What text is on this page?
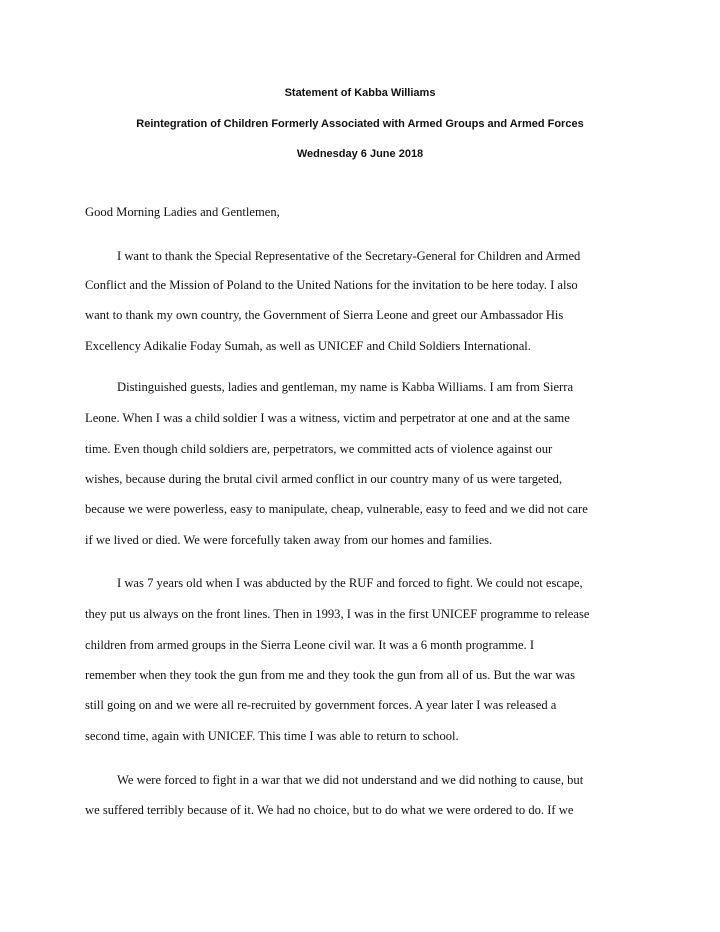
Statement of Kabba Williams
Reintegration of Children Formerly Associated with Armed Groups and Armed Forces
Wednesday 6 June 2018
Good Morning Ladies and Gentlemen,
I want to thank the Special Representative of the Secretary-General for Children and Armed
Conflict and the Mission of Poland to the United Nations for the invitation to be here today. I also
want to thank my own country, the Government of Sierra Leone and greet our Ambassador His
Excellency Adikalie Foday Sumah, as well as UNICEF and Child Soldiers International.
Distinguished guests, ladies and gentleman, my name is Kabba Williams. I am from Sierra
Leone. When I was a child soldier I was a witness, victim and perpetrator at one and at the same
time. Even though child soldiers are, perpetrators, we committed acts of violence against our
wishes, because during the brutal civil armed conflict in our country many of us were targeted,
because we were powerless, easy to manipulate, cheap, vulnerable, easy to feed and we did not care
if we lived or died. We were forcefully taken away from our homes and families.
I was 7 years old when I was abducted by the RUF and forced to fight. We could not escape,
they put us always on the front lines. Then in 1993, I was in the first UNICEF programme to release
children from armed groups in the Sierra Leone civil war. It was a 6 month programme. I
remember when they took the gun from me and they took the gun from all of us. But the war was
still going on and we were all re-recruited by government forces. A year later I was released a
second time, again with UNICEF. This time I was able to return to school.
We were forced to fight in a war that we did not understand and we did nothing to cause, but
we suffered terribly because of it. We had no choice, but to do what we were ordered to do. If we
